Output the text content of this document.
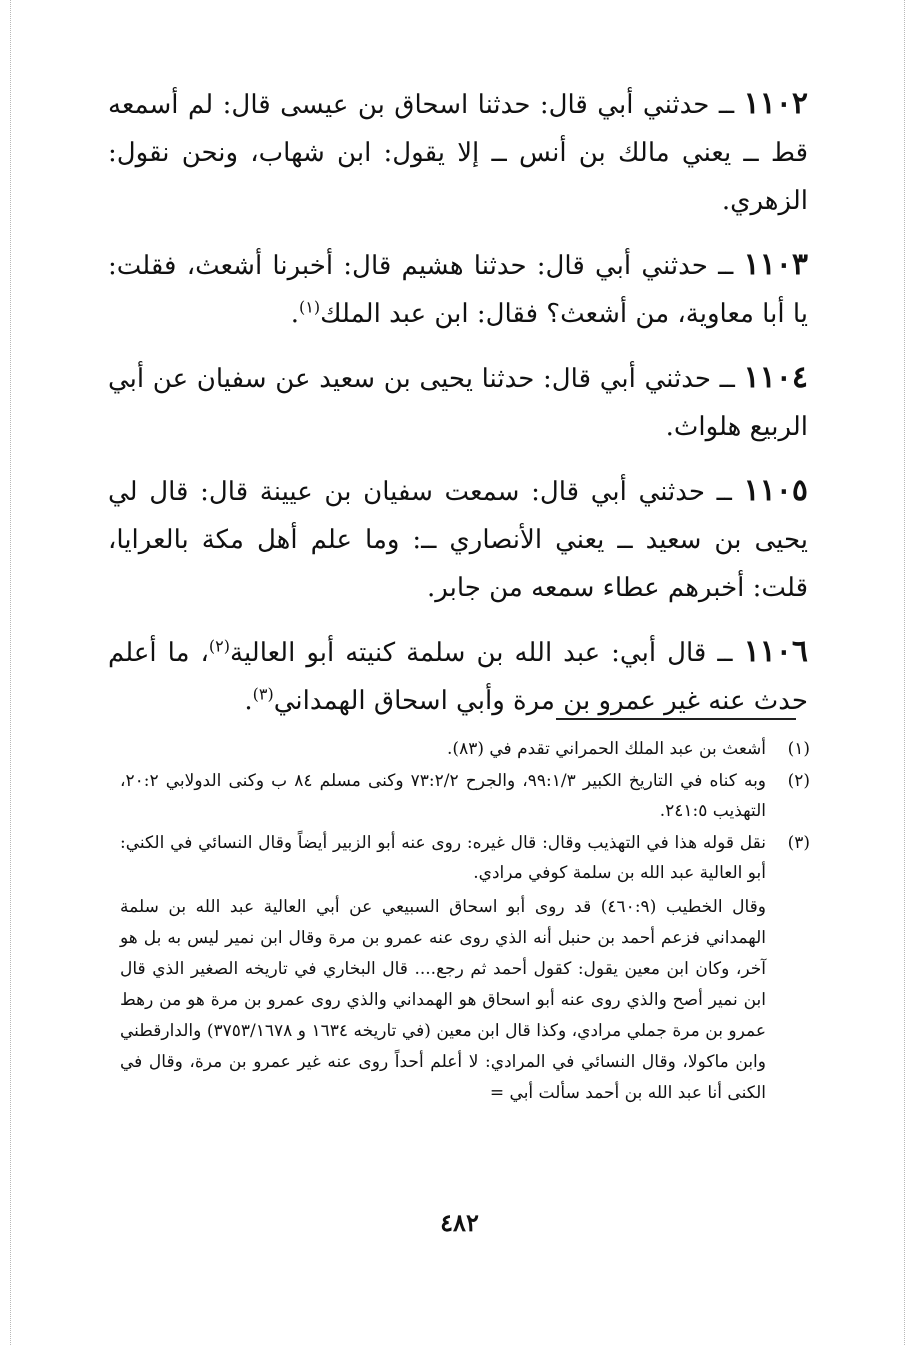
١١٠٢ ــ حدثني أبي قال: حدثنا اسحاق بن عيسى قال: لم أسمعه قط ــ يعني مالك بن أنس ــ إلا يقول: ابن شهاب، ونحن نقول: الزهري.

١١٠٣ ــ حدثني أبي قال: حدثنا هشيم قال: أخبرنا أشعث، فقلت: يا أبا معاوية، من أشعث؟ فقال: ابن عبد الملك$^{(١)}$.

١١٠٤ ــ حدثني أبي قال: حدثنا يحيى بن سعيد عن سفيان عن أبي الربيع هلواث.

١١٠٥ ــ حدثني أبي قال: سمعت سفيان بن عيينة قال: قال لي يحيى بن سعيد ــ يعني الأنصاري ــ: وما علم أهل مكة بالعرايا، قلت: أخبرهم عطاء سمعه من جابر.

١١٠٦ ــ قال أبي: عبد الله بن سلمة كنيته أبو العالية$^{(٢)}$، ما أعلم حدث عنه غير عمرو بن مرة وأبي اسحاق الهمداني$^{(٣)}$.

(١)
أشعث بن عبد الملك الحمراني تقدم في (٨٣).
(٢)
وبه كناه في التاريخ الكبير ٩٩:١/٣، والجرح ٧٣:٢/٢ وكنى مسلم ٨٤ ب وكنى الدولابي ٢٠:٢، التهذيب ٢٤١:٥.
(٣)
نقل قوله هذا في التهذيب وقال: قال غيره: روى عنه أبو الزبير أيضاً وقال النسائي في الكني: أبو العالية عبد الله بن سلمة كوفي مرادي.
وقال الخطيب (٤٦٠:٩) قد روى أبو اسحاق السبيعي عن أبي العالية عبد الله بن سلمة الهمداني فزعم أحمد بن حنبل أنه الذي روى عنه عمرو بن مرة وقال ابن نمير ليس به بل هو آخر، وكان ابن معين يقول: كقول أحمد ثم رجع.... قال البخاري في تاريخه الصغير الذي قال ابن نمير أصح والذي روى عنه أبو اسحاق هو الهمداني والذي روى عمرو بن مرة هو من رهط عمرو بن مرة جملي مرادي، وكذا قال ابن معين (في تاريخه ١٦٣٤ و ٣٧٥٣/١٦٧٨) والدارقطني وابن ماكولا، وقال النسائي في المرادي: لا أعلم أحداً روى عنه غير عمرو بن مرة، وقال في الكنى أنا عبد الله بن أحمد سألت أبي =
٤٨٢
